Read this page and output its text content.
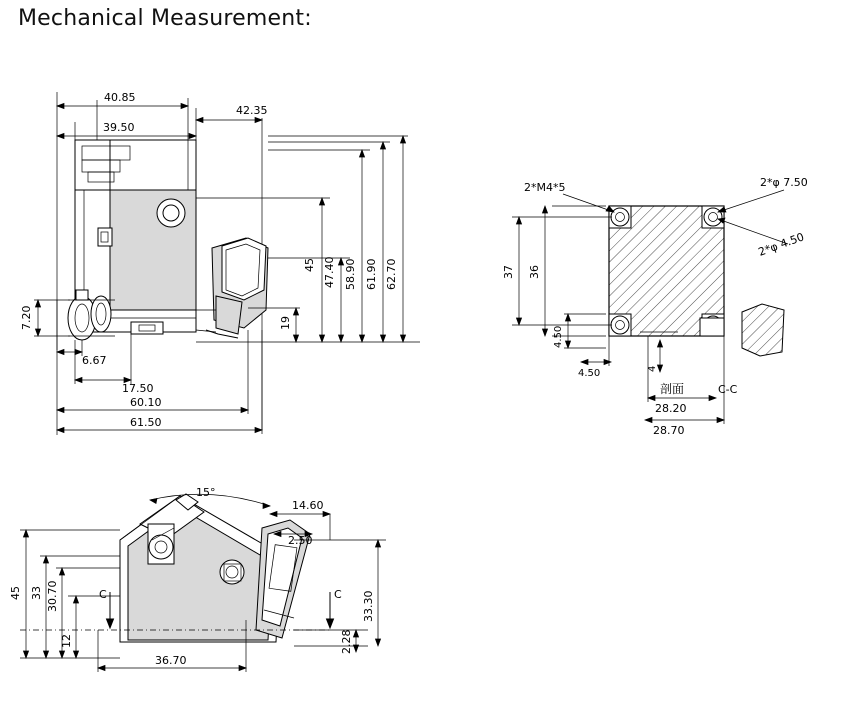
Mechanical Measurement:
40.85
42.35
39.50
45 47.40 58.90 61.90 62.70
19
7.20
6.67
17.50
60.10
61.50
2*M4*5	2*φ 7.50
2*φ 4.50
37 36
4.50
4.50	4
28.20
28.70
剖面	C-C
15°
14.60
2.50
45 33 30.70
12
36.70
C	C
2.28
33.30
